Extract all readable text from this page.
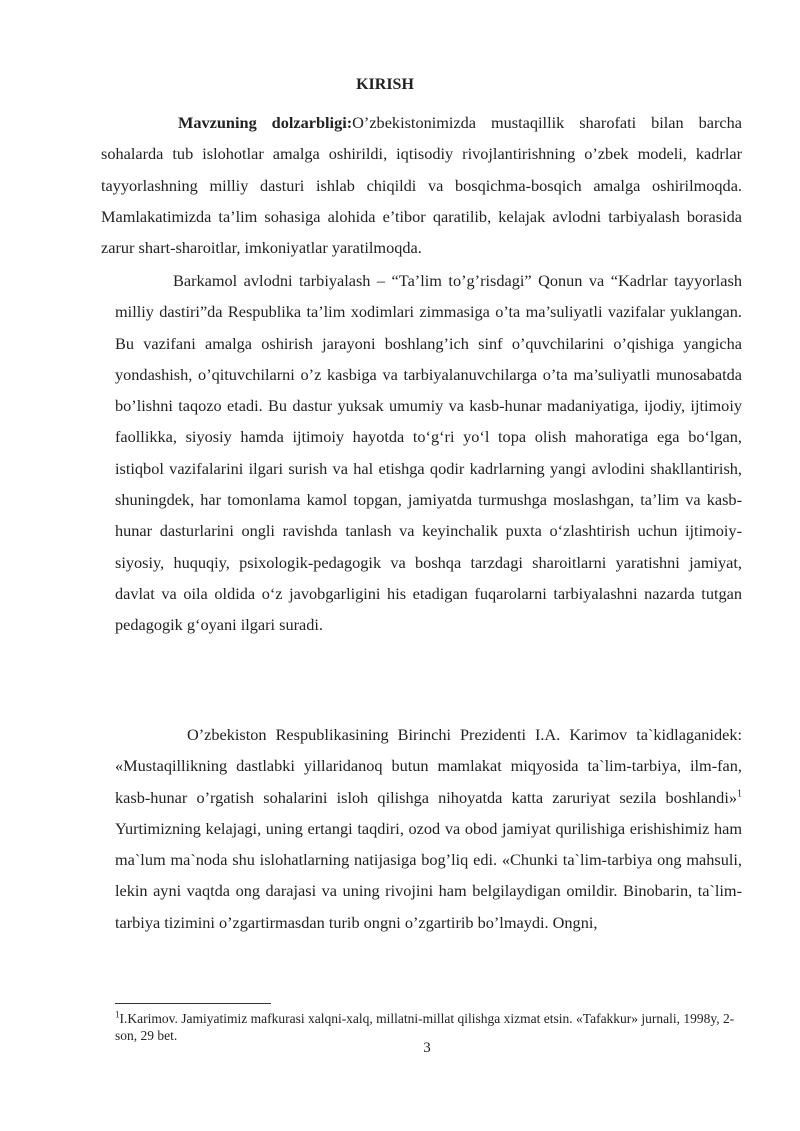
KIRISH
Mavzuning dolzarbligi:O’zbekistonimizda mustaqillik sharofati bilan barcha sohalarda tub islohotlar amalga oshirildi, iqtisodiy rivojlantirishning o’zbek modeli, kadrlar tayyorlashning milliy dasturi ishlab chiqildi va bosqichma-bosqich amalga oshirilmoqda. Mamlakatimizda ta’lim sohasiga alohida e’tibor qaratilib, kelajak avlodni tarbiyalash borasida zarur shart-sharoitlar, imkoniyatlar yaratilmoqda.
Barkamol avlodni tarbiyalash – “Ta’lim to’g’risdagi” Qonun va “Kadrlar tayyorlash milliy dastiri”da Respublika ta’lim xodimlari zimmasiga o’ta ma’suliyatli vazifalar yuklangan. Bu vazifani amalga oshirish jarayoni boshlang’ich sinf o’quvchilarini o’qishiga yangicha yondashish, o’qituvchilarni o’z kasbiga va tarbiyalanuvchilarga o’ta ma’suliyatli munosabatda bo’lishni taqozo etadi. Bu dastur yuksak umumiy va kasb-hunar madaniyatiga, ijodiy, ijtimoiy faollikka, siyosiy hamda ijtimoiy hayotda to‘g‘ri yo‘l topa olish mahoratiga ega bo‘lgan, istiqbol vazifalarini ilgari surish va hal etishga qodir kadrlarning yangi avlodini shakllantirish, shuningdek, har tomonlama kamol topgan, jamiyatda turmushga moslashgan, ta’lim va kasb-hunar dasturlarini ongli ravishda tanlash va keyinchalik puxta o‘zlashtirish uchun ijtimoiy-siyosiy, huquqiy, psixologik-pedagogik va boshqa tarzdagi sharoitlarni yaratishni jamiyat, davlat va oila oldida o‘z javobgarligini his etadigan fuqarolarni tarbiyalashni nazarda tutgan pedagogik g‘oyani ilgari suradi.
O’zbekiston Respublikasining Birinchi Prezidenti I.A. Karimov ta`kidlaganidek: «Mustaqillikning dastlabki yillaridanoq butun mamlakat miqyosida ta`lim-tarbiya, ilm-fan, kasb-hunar o’rgatish sohalarini isloh qilishga nihoyatda katta zaruriyat sezila boshlandi»$^1$ Yurtimizning kelajagi, uning ertangi taqdiri, ozod va obod jamiyat qurilishiga erishishimiz ham ma`lum ma`noda shu islohatlarning natijasiga bog’liq edi. «Chunki ta`lim-tarbiya ong mahsuli, lekin ayni vaqtda ong darajasi va uning rivojini ham belgilaydigan omildir. Binobarin, ta`lim-tarbiya tizimini o’zgartirmasdan turib ongni o’zgartirib bo’lmaydi. Ongni,
$^1$I.Karimov. Jamiyatimiz mafkurasi xalqni-xalq, millatni-millat qilishga xizmat etsin. «Tafakkur» jurnali, 1998y, 2-son, 29 bet.
3
